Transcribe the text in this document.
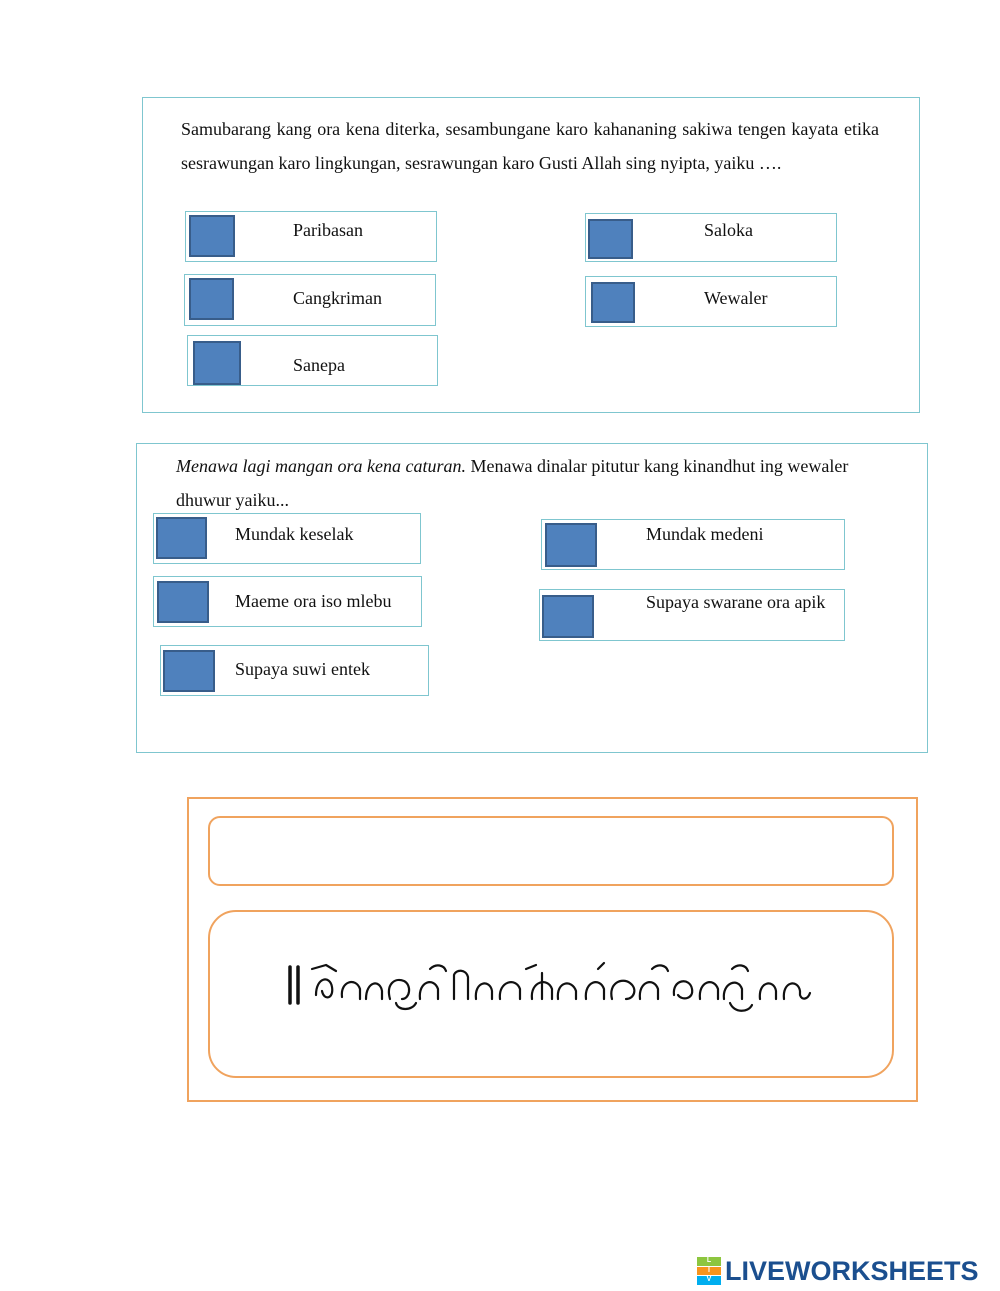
Samubarang kang ora kena diterka, sesambungane karo kahananing sakiwa tengen kayata etika sesrawungan karo lingkungan, sesrawungan karo Gusti Allah sing nyipta, yaiku ….

Paribasan	Saloka
Cangkriman	Wewaler
Sanepa

Menawa lagi mangan ora kena caturan. Menawa dinalar pitutur kang kinandhut ing wewaler dhuwur yaiku...

Mundak keselak	Mundak medeni
Maeme ora iso mlebu	Supaya swarane ora apik
Supaya suwi entek
L
I
V LIVEWORKSHEETS
